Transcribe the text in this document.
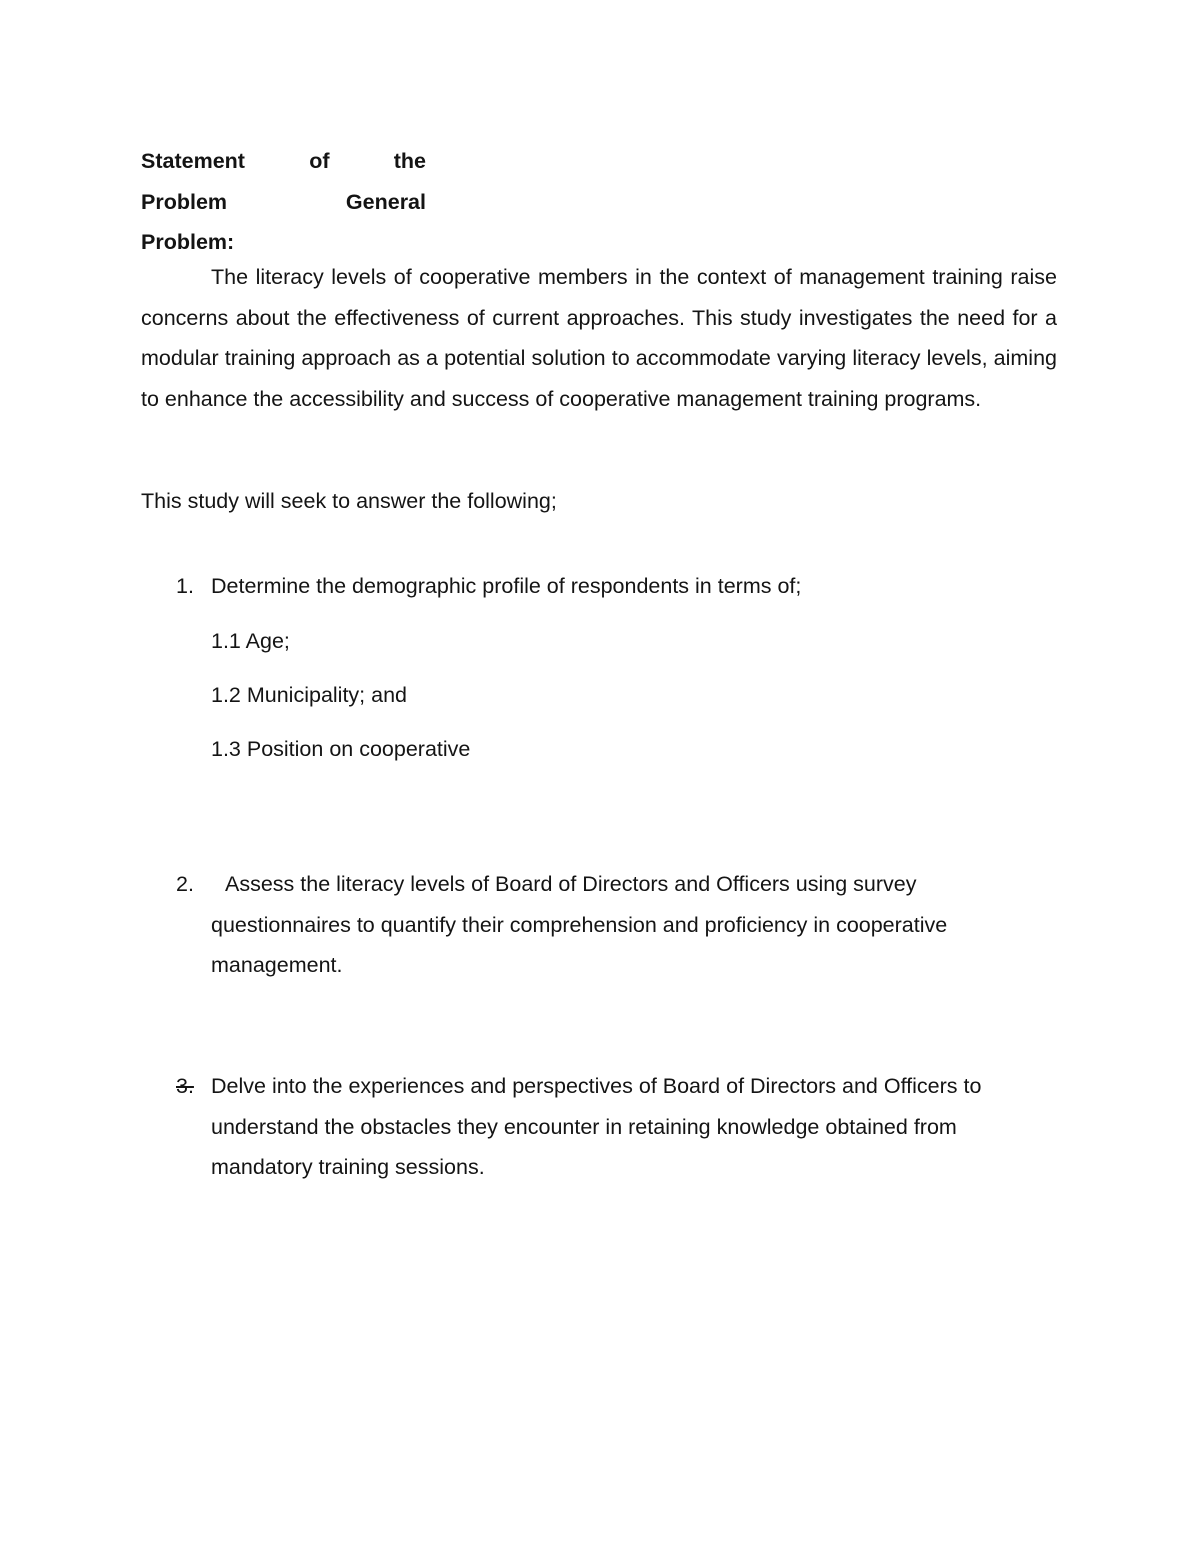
Statement	of	the
Problem	General
Problem:

The literacy levels of cooperative members in the context of management training raise concerns about the effectiveness of current approaches. This study investigates the need for a modular training approach as a potential solution to accommodate varying literacy levels, aiming to enhance the accessibility and success of cooperative management training programs.

This study will seek to answer the following;

1. Determine the demographic profile of respondents in terms of;
1.1 Age;
1.2 Municipality; and
1.3 Position on cooperative
2.	Assess the literacy levels of Board of Directors and Officers using survey questionnaires to quantify their comprehension and proficiency in cooperative management.
3. Delve into the experiences and perspectives of Board of Directors and Officers to understand the obstacles they encounter in retaining knowledge obtained from mandatory training sessions.
